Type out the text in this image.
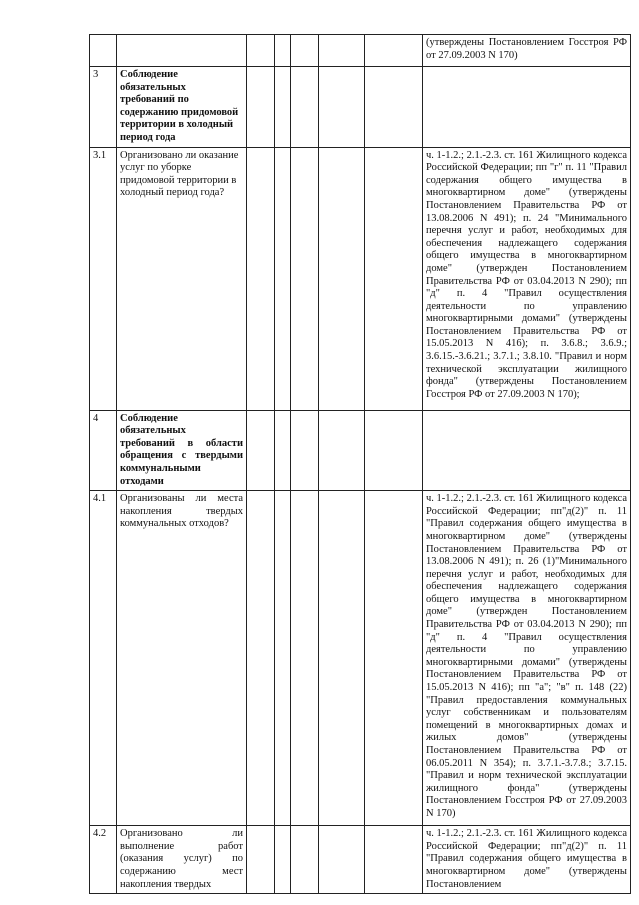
							(утверждены Постановлением Госстроя РФ от 27.09.2003 N 170)
3	Соблюдение обязательных требований по содержанию придомовой территории в холодный период года						
3.1	Организовано ли оказание услуг по уборке придомовой территории в холодный период года?						ч. 1-1.2.; 2.1.-2.3. ст. 161 Жилищного кодекса Российской Федерации; пп "г" п. 11 "Правил содержания общего имущества в многоквартирном доме" (утверждены Постановлением Правительства РФ от 13.08.2006 N 491); п. 24 "Минимального перечня услуг и работ, необходимых для обеспечения надлежащего содержания общего имущества в многоквартирном доме" (утвержден Постановлением Правительства РФ от 03.04.2013 N 290); пп "д" п. 4 "Правил осуществления деятельности по управлению многоквартирными домами" (утверждены Постановлением Правительства РФ от 15.05.2013 N 416); п. 3.6.8.; 3.6.9.; 3.6.15.-3.6.21.; 3.7.1.; 3.8.10. "Правил и норм технической эксплуатации жилищного фонда" (утверждены Постановлением Госстроя РФ от 27.09.2003 N 170);
4	Соблюдение обязательных требований в области обращения с твердыми коммунальными отходами						
4.1	Организованы ли места накопления твердых коммунальных отходов?						ч. 1-1.2.; 2.1.-2.3. ст. 161 Жилищного кодекса Российской Федерации; пп"д(2)" п. 11 "Правил содержания общего имущества в многоквартирном доме" (утверждены Постановлением Правительства РФ от 13.08.2006 N 491); п. 26 (1)"Минимального перечня услуг и работ, необходимых для обеспечения надлежащего содержания общего имущества в многоквартирном доме" (утвержден Постановлением Правительства РФ от 03.04.2013 N 290); пп "д" п. 4 "Правил осуществления деятельности по управлению многоквартирными домами" (утверждены Постановлением Правительства РФ от 15.05.2013 N 416); пп "а"; "в" п. 148 (22) "Правил предоставления коммунальных услуг собственникам и пользователям помещений в многоквартирных домах и жилых домов" (утверждены Постановлением Правительства РФ от 06.05.2011 N 354); п. 3.7.1.-3.7.8.; 3.7.15. "Правил и норм технической эксплуатации жилищного фонда" (утверждены Постановлением Госстроя РФ от 27.09.2003 N 170)
4.2	Организовано ли выполнение работ (оказания услуг) по содержанию мест накопления твердых						ч. 1-1.2.; 2.1.-2.3. ст. 161 Жилищного кодекса Российской Федерации; пп"д(2)" п. 11 "Правил содержания общего имущества в многоквартирном доме" (утверждены Постановлением
